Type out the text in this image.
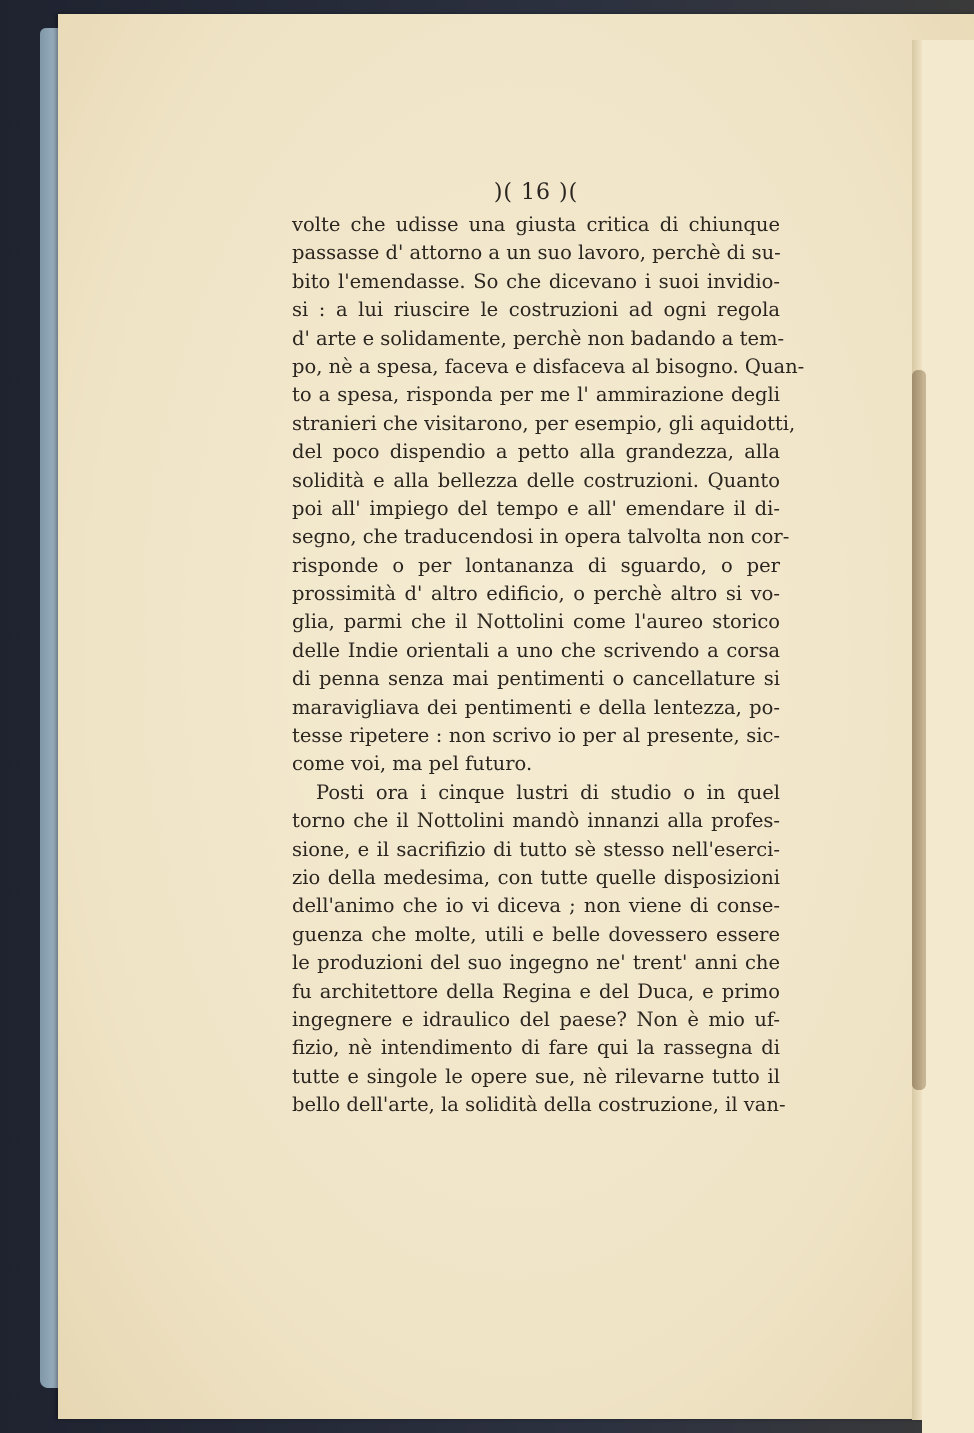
)( 16 )(
volte che udisse una giusta critica di chiunque
passasse d' attorno a un suo lavoro, perchè di su-
bito l'emendasse. So che dicevano i suoi invidio-
si : a lui riuscire le costruzioni ad ogni regola
d' arte e solidamente, perchè non badando a tem-
po, nè a spesa, faceva e disfaceva al bisogno. Quan-
to a spesa, risponda per me l' ammirazione degli
stranieri che visitarono, per esempio, gli aquidotti,
del poco dispendio a petto alla grandezza, alla
solidità e alla bellezza delle costruzioni. Quanto
poi all' impiego del tempo e all' emendare il di-
segno, che traducendosi in opera talvolta non cor-
risponde o per lontananza di sguardo, o per
prossimità d' altro edificio, o perchè altro si vo-
glia, parmi che il Nottolini come l'aureo storico
delle Indie orientali a uno che scrivendo a corsa
di penna senza mai pentimenti o cancellature si
maravigliava dei pentimenti e della lentezza, po-
tesse ripetere : non scrivo io per al presente, sic-
come voi, ma pel futuro.
Posti ora i cinque lustri di studio o in quel
torno che il Nottolini mandò innanzi alla profes-
sione, e il sacrifizio di tutto sè stesso nell'eserci-
zio della medesima, con tutte quelle disposizioni
dell'animo che io vi diceva ; non viene di conse-
guenza che molte, utili e belle dovessero essere
le produzioni del suo ingegno ne' trent' anni che
fu architettore della Regina e del Duca, e primo
ingegnere e idraulico del paese? Non è mio uf-
fizio, nè intendimento di fare qui la rassegna di
tutte e singole le opere sue, nè rilevarne tutto il
bello dell'arte, la solidità della costruzione, il van-
